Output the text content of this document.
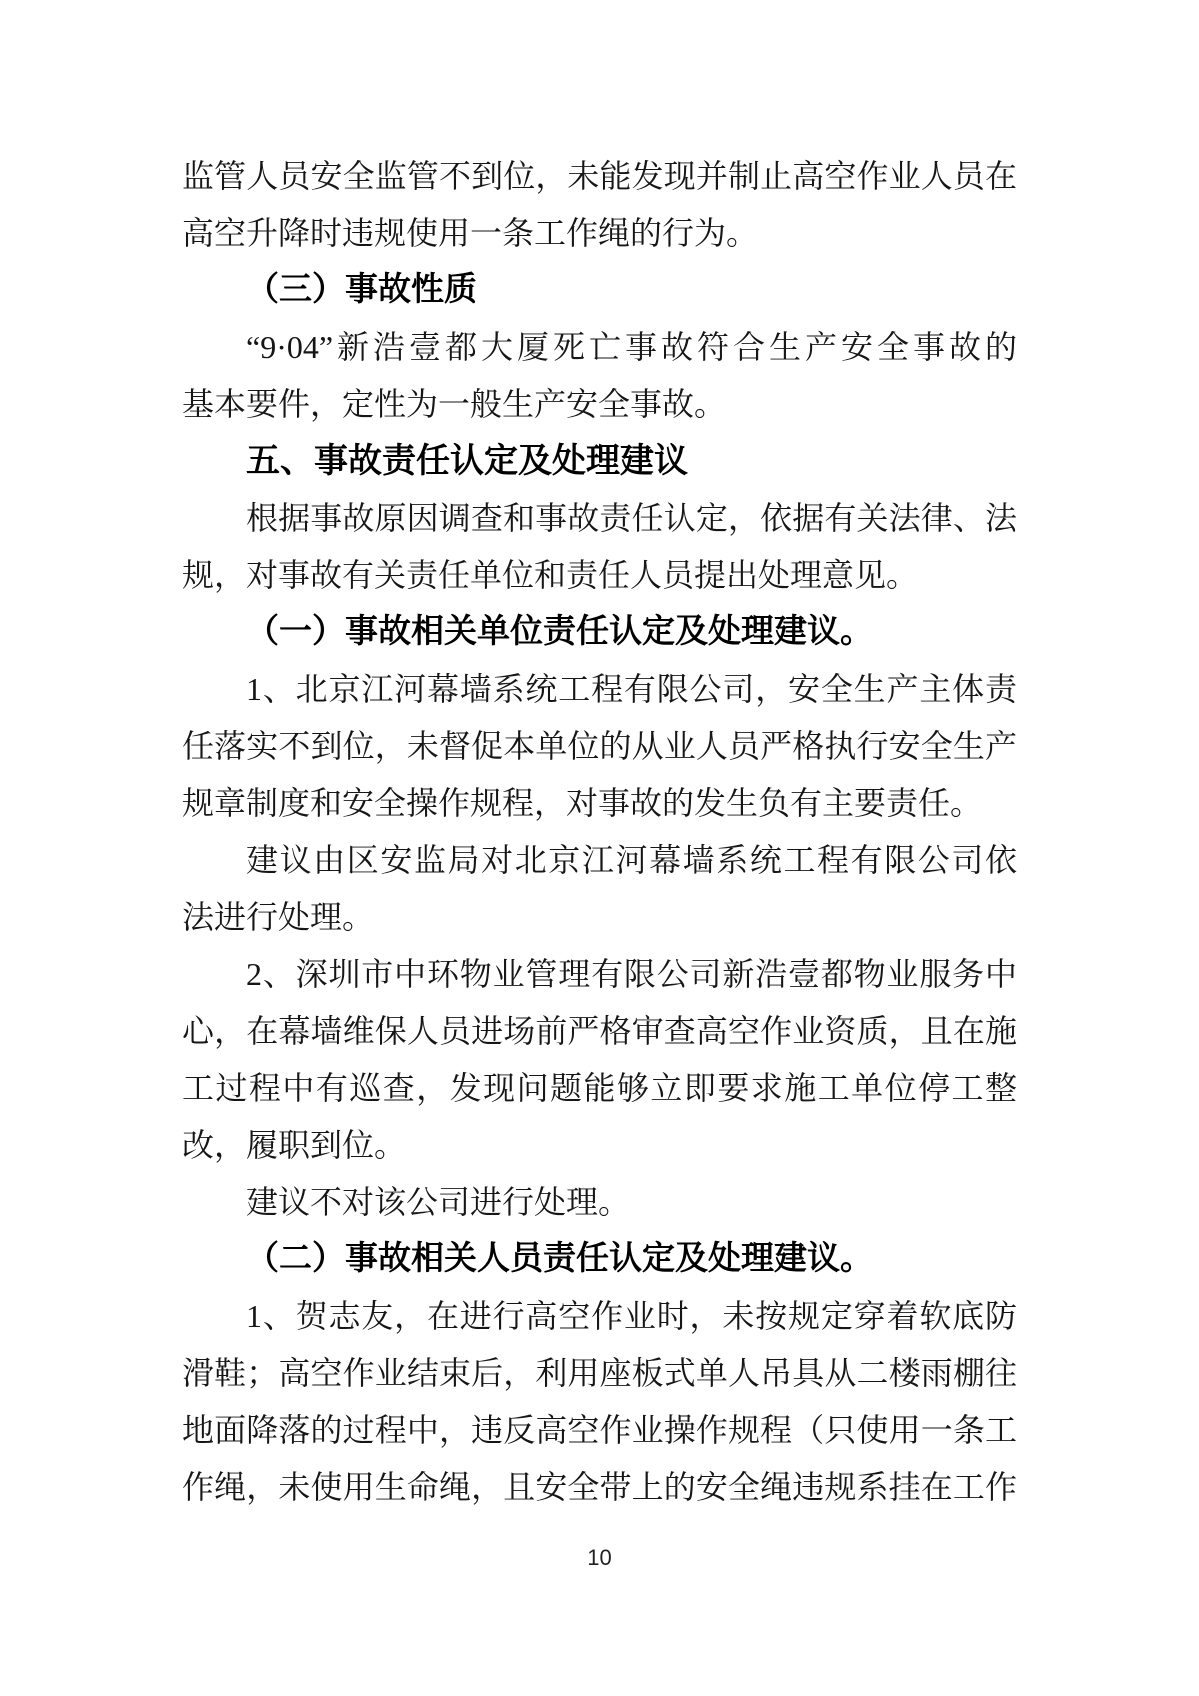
监管人员安全监管不到位，未能发现并制止高空作业人员在
高空升降时违规使用一条工作绳的行为。
（三）事故性质
“9·04”新浩壹都大厦死亡事故符合生产安全事故的
基本要件，定性为一般生产安全事故。
五、事故责任认定及处理建议
根据事故原因调查和事故责任认定，依据有关法律、法
规，对事故有关责任单位和责任人员提出处理意见。
（一）事故相关单位责任认定及处理建议。
1、北京江河幕墙系统工程有限公司，安全生产主体责
任落实不到位，未督促本单位的从业人员严格执行安全生产
规章制度和安全操作规程，对事故的发生负有主要责任。
建议由区安监局对北京江河幕墙系统工程有限公司依
法进行处理。
2、深圳市中环物业管理有限公司新浩壹都物业服务中
心，在幕墙维保人员进场前严格审查高空作业资质，且在施
工过程中有巡查，发现问题能够立即要求施工单位停工整
改，履职到位。
建议不对该公司进行处理。
（二）事故相关人员责任认定及处理建议。
1、贺志友，在进行高空作业时，未按规定穿着软底防
滑鞋；高空作业结束后，利用座板式单人吊具从二楼雨棚往
地面降落的过程中，违反高空作业操作规程（只使用一条工
作绳，未使用生命绳，且安全带上的安全绳违规系挂在工作
10
